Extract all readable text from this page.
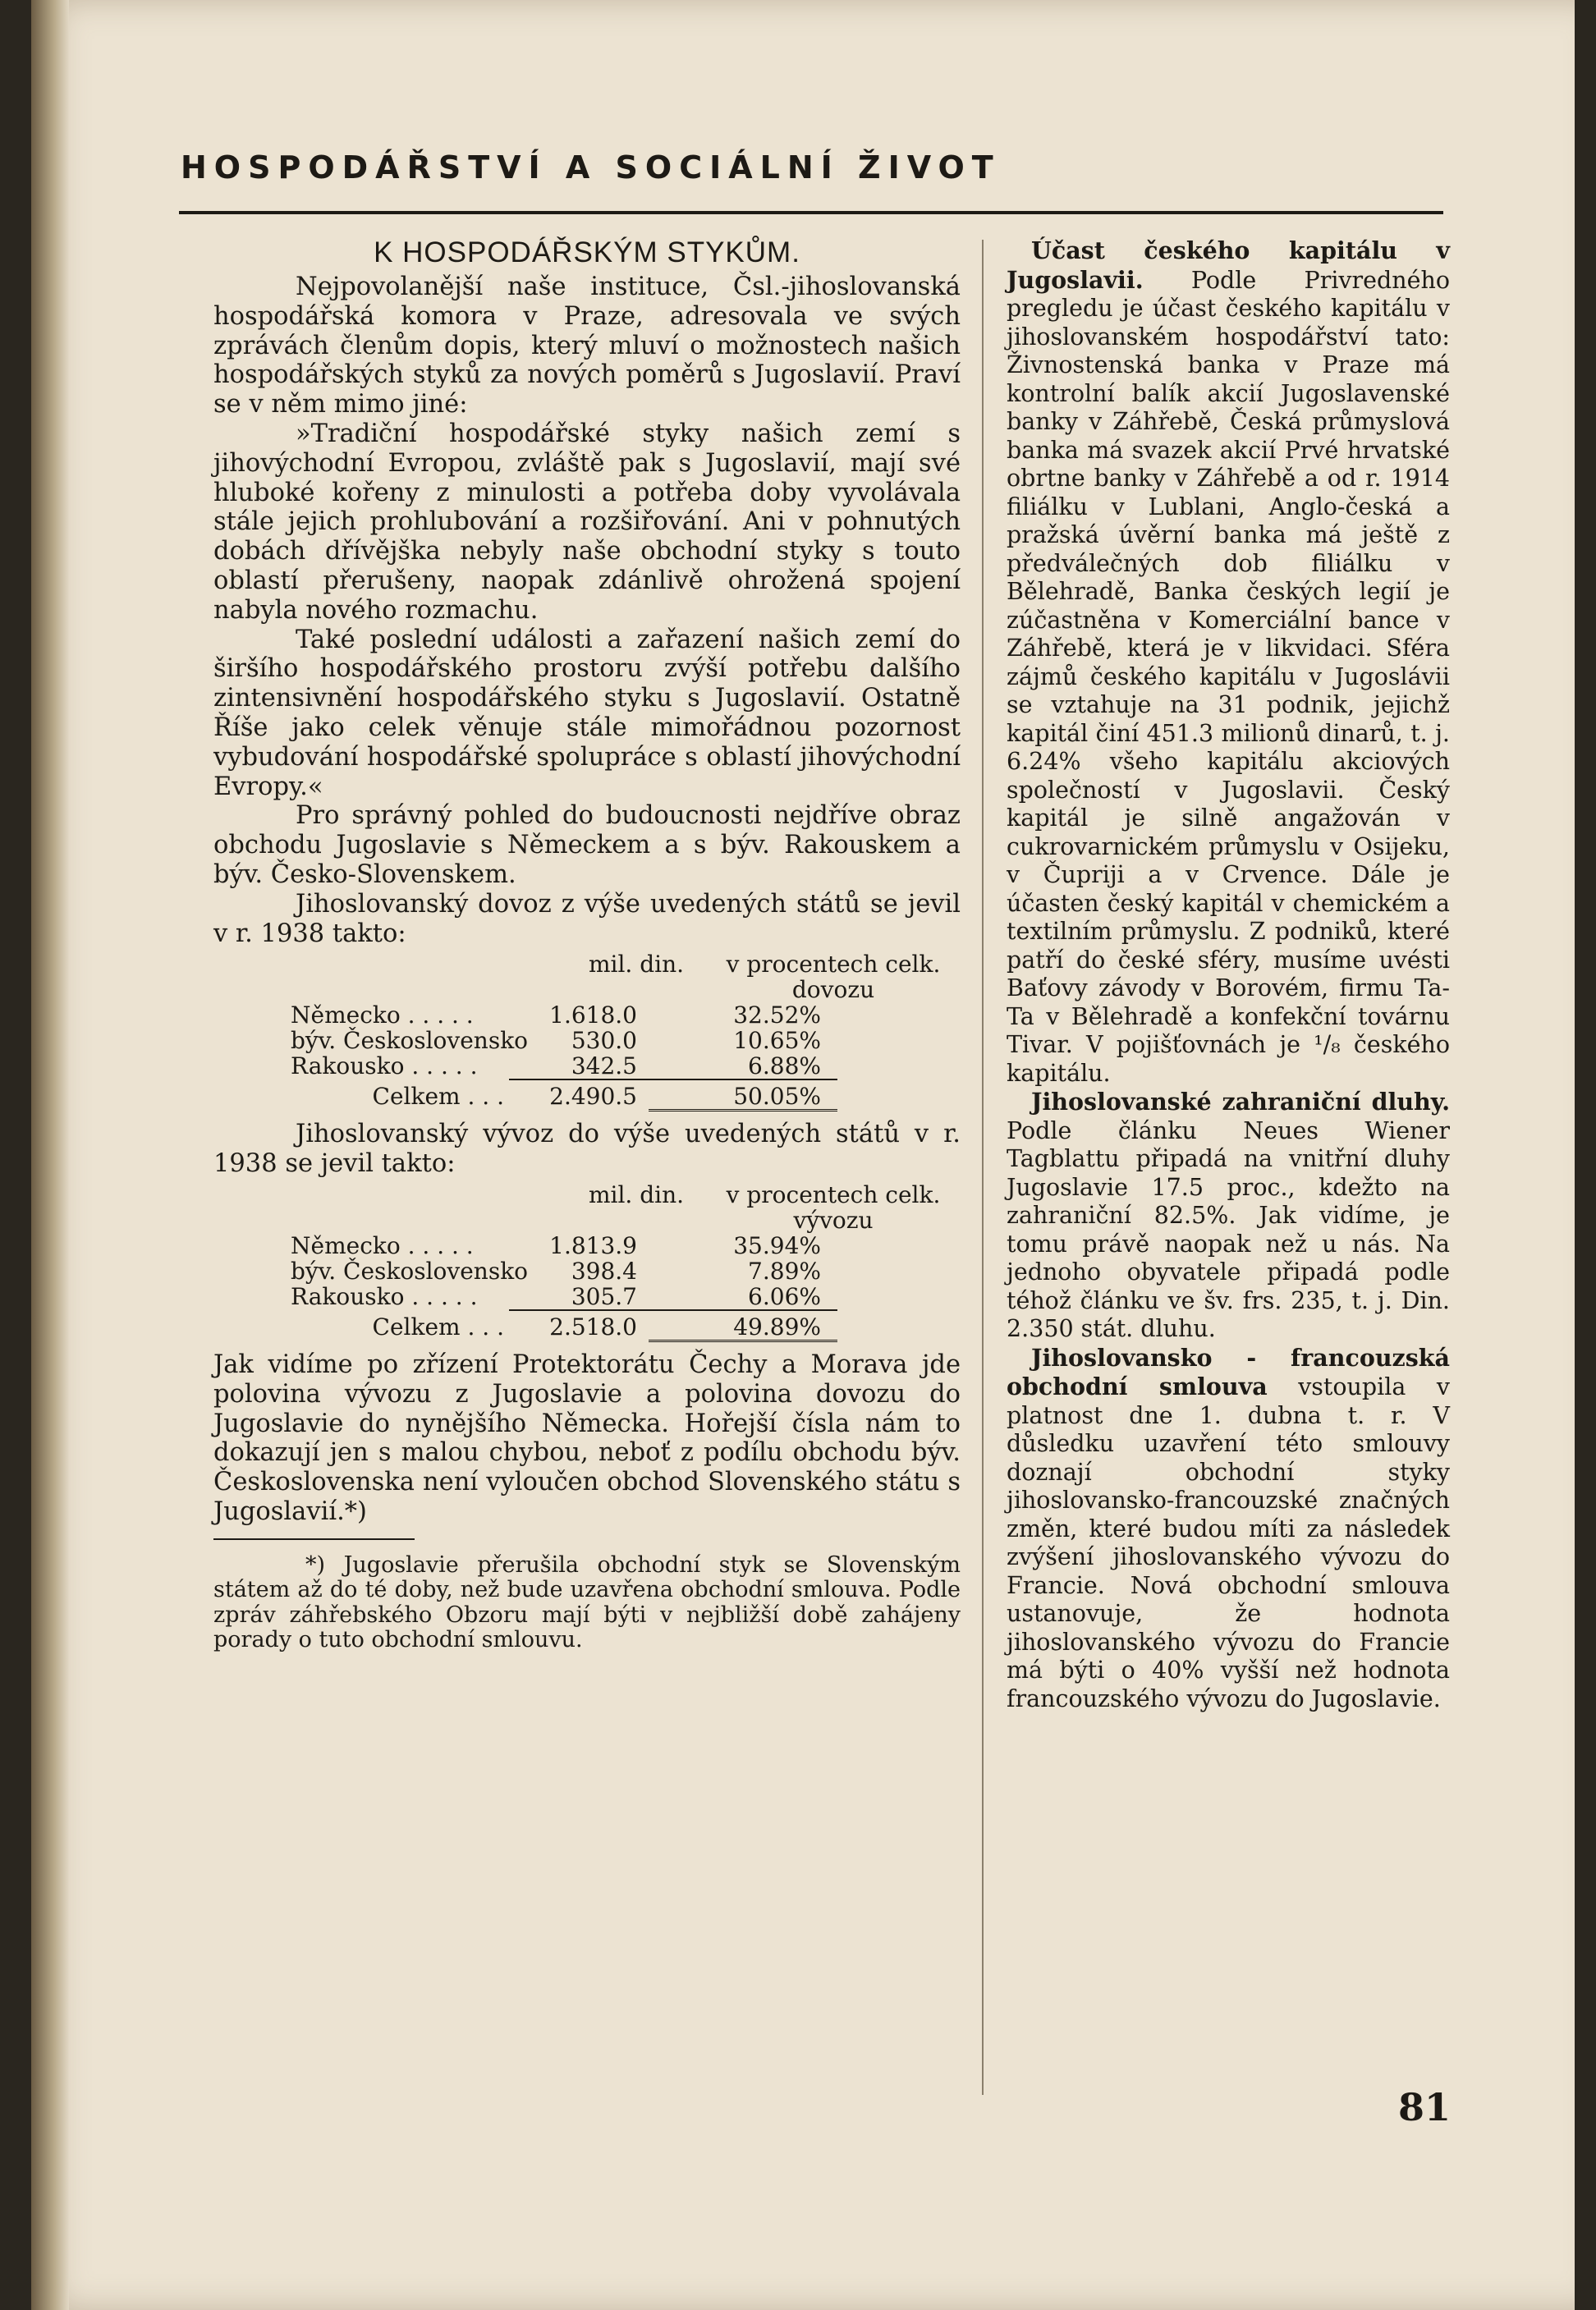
HOSPODÁŘSTVÍ A SOCIÁLNÍ ŽIVOT
K HOSPODÁŘSKÝM STYKŮM.

Nejpovolanější naše instituce, Čsl.-jihoslovanská hospodářská komora v Praze, adresovala ve svých zprávách členům dopis, který mluví o možnostech našich hospodářských styků za nových poměrů s Jugoslavií. Praví se v něm mimo jiné:

»Tradiční hospodářské styky našich zemí s jihovýchodní Evropou, zvláště pak s Jugoslavií, mají své hluboké kořeny z minulosti a potřeba doby vyvolávala stále jejich prohlubování a rozšiřování. Ani v pohnutých dobách dřívějška nebyly naše obchodní styky s touto oblastí přerušeny, naopak zdánlivě ohrožená spojení nabyla nového rozmachu.

Také poslední události a zařazení našich zemí do širšího hospodářského prostoru zvýší potřebu dalšího zintensivnění hospodářského styku s Jugoslavií. Ostatně Říše jako celek věnuje stále mimořádnou pozornost vybudování hospodářské spolupráce s oblastí jihovýchodní Evropy.«

Pro správný pohled do budoucnosti nejdříve obraz obchodu Jugoslavie s Německem a s býv. Rakouskem a býv. Česko-Slovenskem.

Jihoslovanský dovoz z výše uvedených států se jevil v r. 1938 takto:

mil. din.	v procentech celk.
dovozu
Německo . . . . .	1.618.0	32.52%
býv. Československo	530.0	10.65%
Rakousko . . . . .	342.5	6.88%
Celkem . . .	2.490.5	50.05%

Jihoslovanský vývoz do výše uvedených států v r. 1938 se jevil takto:

mil. din.	v procentech celk.
vývozu
Německo . . . . .	1.813.9	35.94%
býv. Československo	398.4	7.89%
Rakousko . . . . .	305.7	6.06%
Celkem . . .	2.518.0	49.89%

Jak vidíme po zřízení Protektorátu Čechy a Morava jde polovina vývozu z Jugoslavie a polovina dovozu do Jugoslavie do nynějšího Německa. Hořejší čísla nám to dokazují jen s malou chybou, neboť z podílu obchodu býv. Československa není vyloučen obchod Slovenského státu s Jugoslavií.*)

*) Jugoslavie přerušila obchodní styk se Slovenským státem až do té doby, než bude uzavřena obchodní smlouva. Podle zpráv záhřebského Obzoru mají býti v nejbližší době zahájeny porady o tuto obchodní smlouvu.

Účast českého kapitálu v Jugoslavii. Podle Privredného pregledu je účast českého kapitálu v jihoslovanském hospodářství tato: Živnostenská banka v Praze má kontrolní balík akcií Jugoslavenské banky v Záhřebě, Česká průmyslová banka má svazek akcií Prvé hrvatské obrtne banky v Záhřebě a od r. 1914 filiálku v Lublani, Anglo-česká a pražská úvěrní banka má ještě z předválečných dob filiálku v Bělehradě, Banka českých legií je zúčastněna v Komerciální bance v Záhřebě, která je v likvidaci. Sféra zájmů českého kapitálu v Jugoslávii se vztahuje na 31 podnik, jejichž kapitál činí 451.3 milionů dinarů, t. j. 6.24% všeho kapitálu akciových společností v Jugoslavii. Český kapitál je silně angažován v cukrovarnickém průmyslu v Osijeku, v Čupriji a v Crvence. Dále je účasten český kapitál v chemickém a textilním průmyslu. Z podniků, které patří do české sféry, musíme uvésti Baťovy závody v Borovém, firmu Ta-Ta v Bělehradě a konfekční továrnu Tivar. V pojišťovnách je ¹/₈ českého kapitálu.

Jihoslovanské zahraniční dluhy. Podle článku Neues Wiener Tagblattu připadá na vnitřní dluhy Jugoslavie 17.5 proc., kdežto na zahraniční 82.5%. Jak vidíme, je tomu právě naopak než u nás. Na jednoho obyvatele připadá podle téhož článku ve šv. frs. 235, t. j. Din. 2.350 stát. dluhu.

Jihoslovansko - francouzská obchodní smlouva vstoupila v platnost dne 1. dubna t. r. V důsledku uzavření této smlouvy doznají obchodní styky jihoslovansko-francouzské značných změn, které budou míti za následek zvýšení jihoslovanského vývozu do Francie. Nová obchodní smlouva ustanovuje, že hodnota jihoslovanského vývozu do Francie má býti o 40% vyšší než hodnota francouzského vývozu do Jugoslavie.

81
